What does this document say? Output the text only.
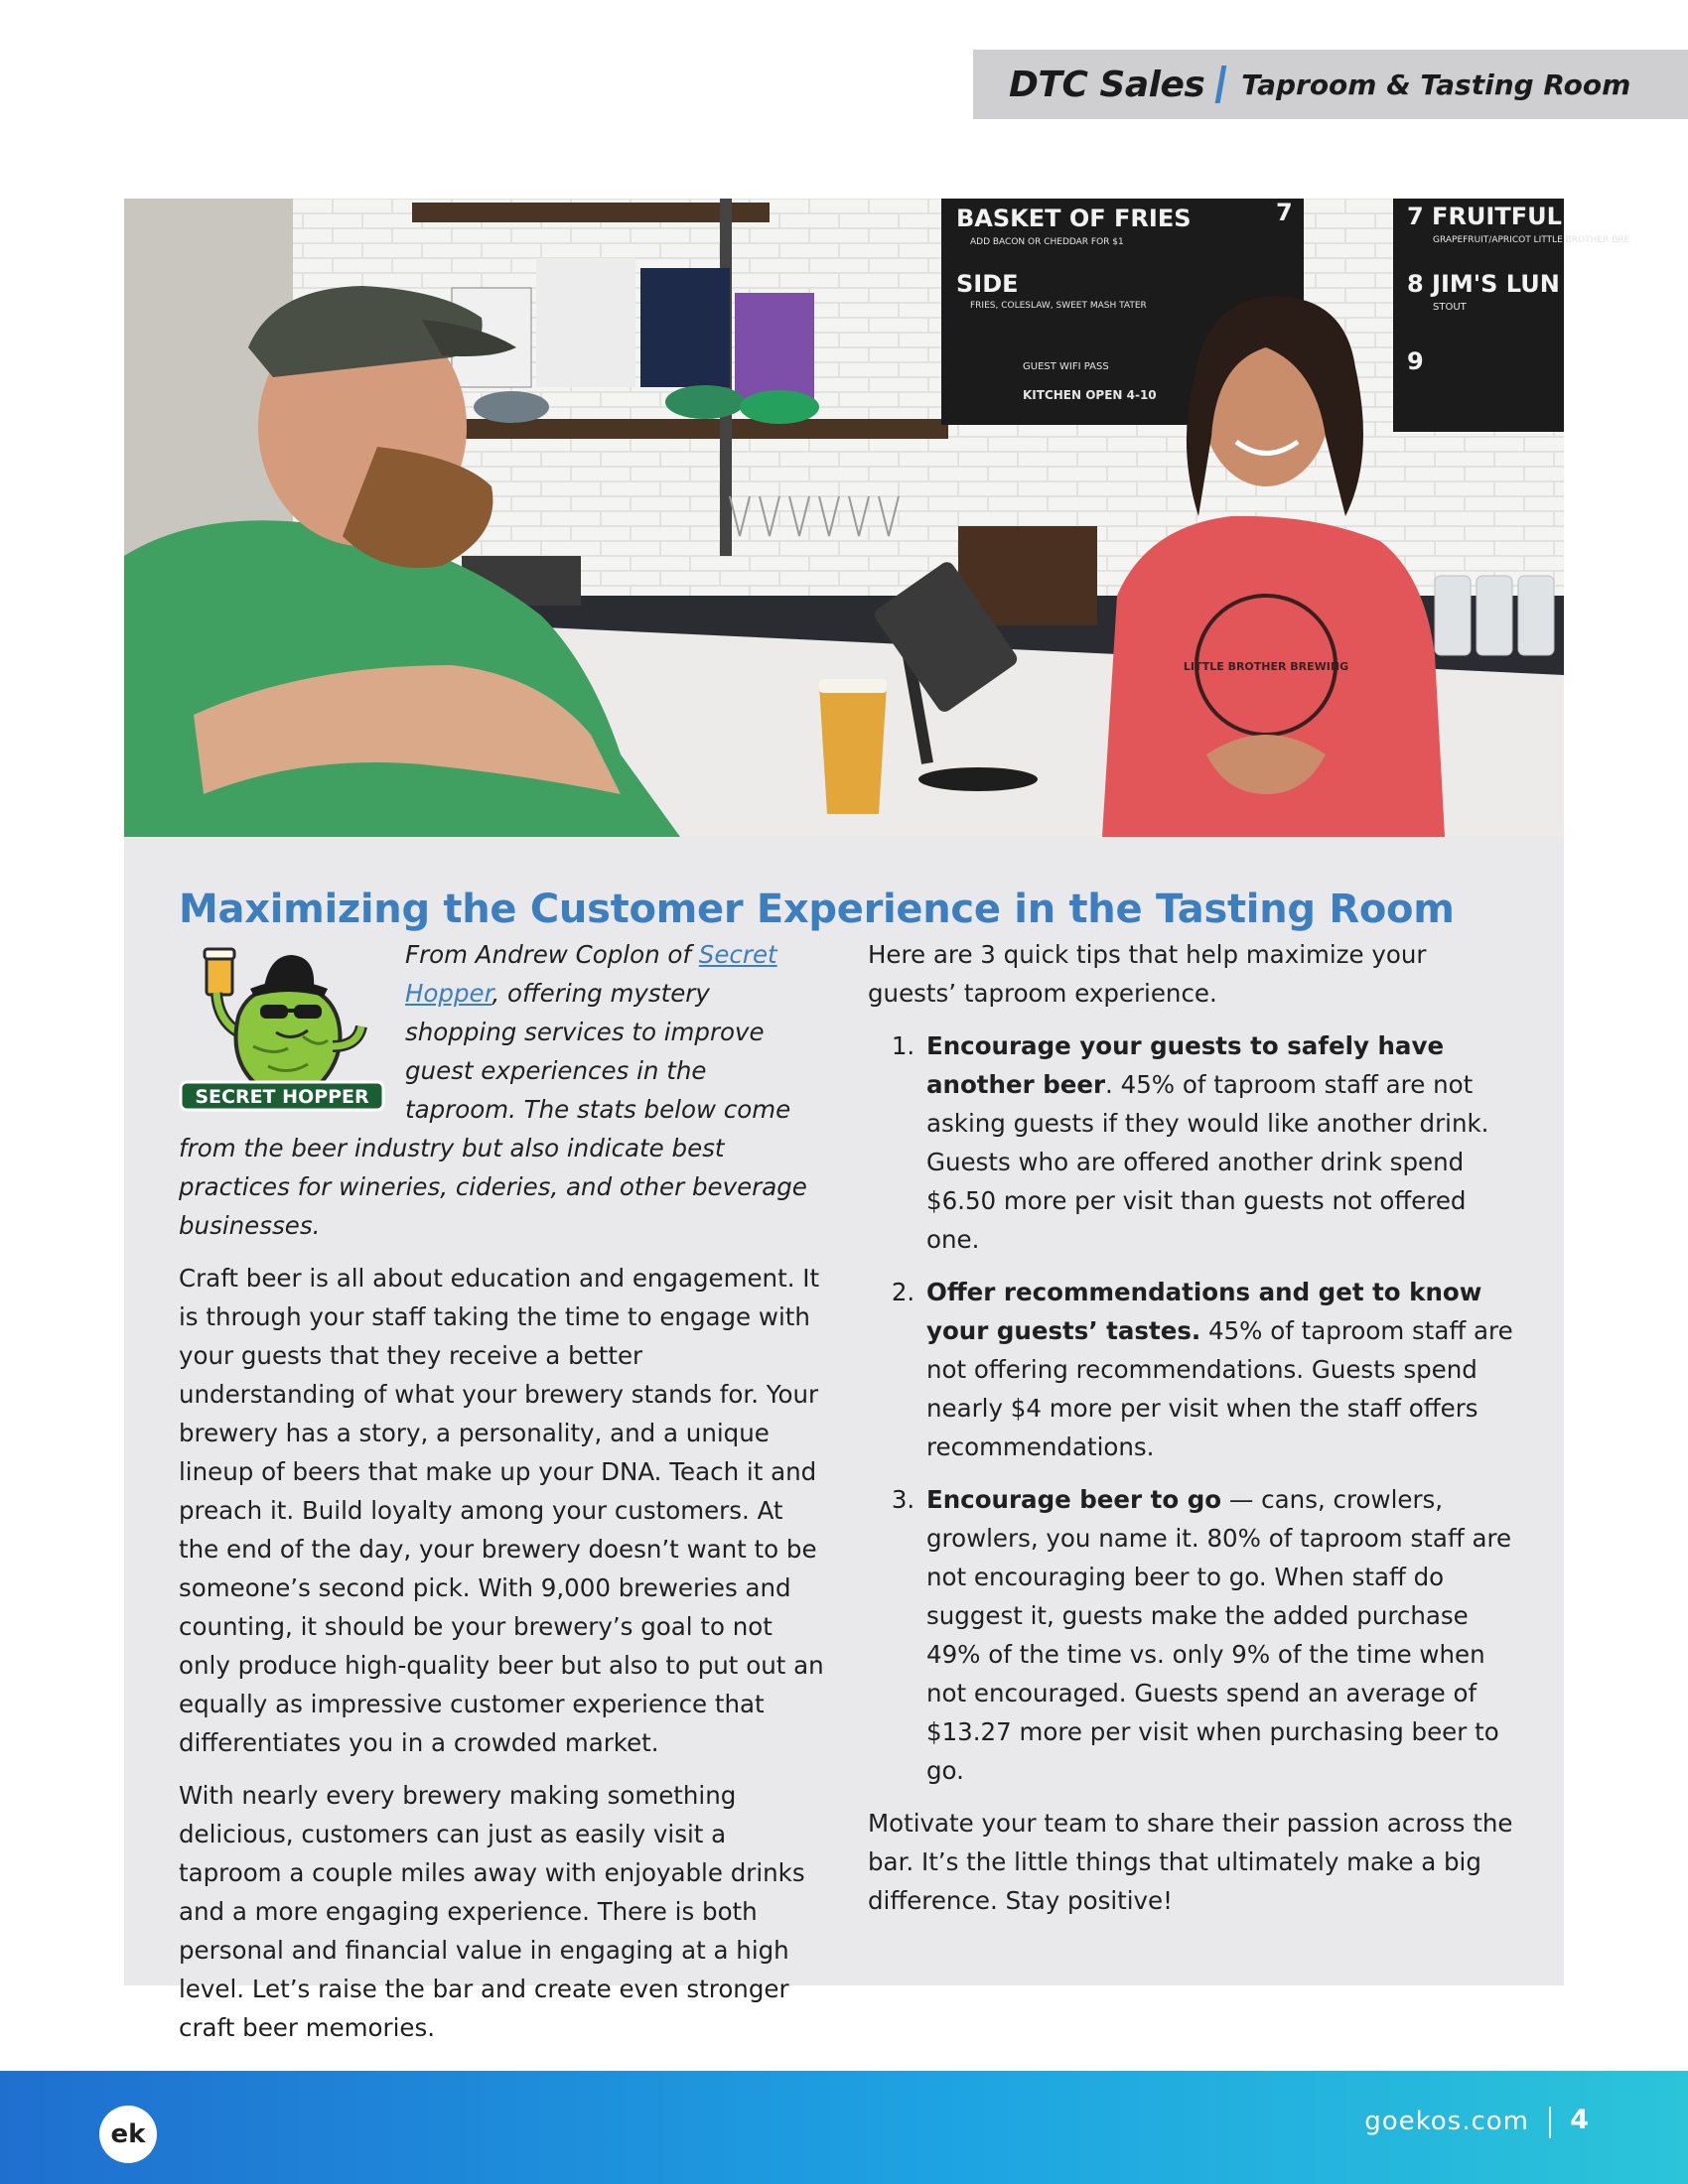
DTC Sales Taproom & Tasting Room
BASKET OF FRIES	7
ADD BACON OR CHEDDAR FOR $1
SIDE
FRIES, COLESLAW, SWEET MASH TATER
GUEST WIFI PASS
KITCHEN OPEN 4-10
7 FRUITFUL
GRAPEFRUIT/APRICOT LITTLE BROTHER BRE
8 JIM'S LUN
STOUT
9
LITTLE BROTHER BREWING
Maximizing the Customer Experience in the Tasting Room
SECRET HOPPER

From Andrew Coplon of Secret Hopper, offering mystery shopping services to improve guest experiences in the taproom. The stats below come from the beer industry but also indicate best practices for wineries, cideries, and other beverage businesses.

Craft beer is all about education and engagement. It is through your staff taking the time to engage with your guests that they receive a better understanding of what your brewery stands for. Your brewery has a story, a personality, and a unique lineup of beers that make up your DNA. Teach it and preach it. Build loyalty among your customers. At the end of the day, your brewery doesn’t want to be someone’s second pick. With 9,000 breweries and counting, it should be your brewery’s goal to not only produce high-quality beer but also to put out an equally as impressive customer experience that differentiates you in a crowded market.

With nearly every brewery making something delicious, customers can just as easily visit a taproom a couple miles away with enjoyable drinks and a more engaging experience. There is both personal and financial value in engaging at a high level. Let’s raise the bar and create even stronger craft beer memories.

Here are 3 quick tips that help maximize your guests’ taproom experience.

1. Encourage your guests to safely have another beer. 45% of taproom staff are not asking guests if they would like another drink. Guests who are offered another drink spend $6.50 more per visit than guests not offered one.
2. Offer recommendations and get to know your guests’ tastes. 45% of taproom staff are not offering recommendations. Guests spend nearly $4 more per visit when the staff offers recommendations.
3. Encourage beer to go — cans, crowlers, growlers, you name it. 80% of taproom staff are not encouraging beer to go. When staff do suggest it, guests make the added purchase 49% of the time vs. only 9% of the time when not encouraged. Guests spend an average of $13.27 more per visit when purchasing beer to go.

Motivate your team to share their passion across the bar. It’s the little things that ultimately make a big difference. Stay positive!

ek	goekos.com 4
